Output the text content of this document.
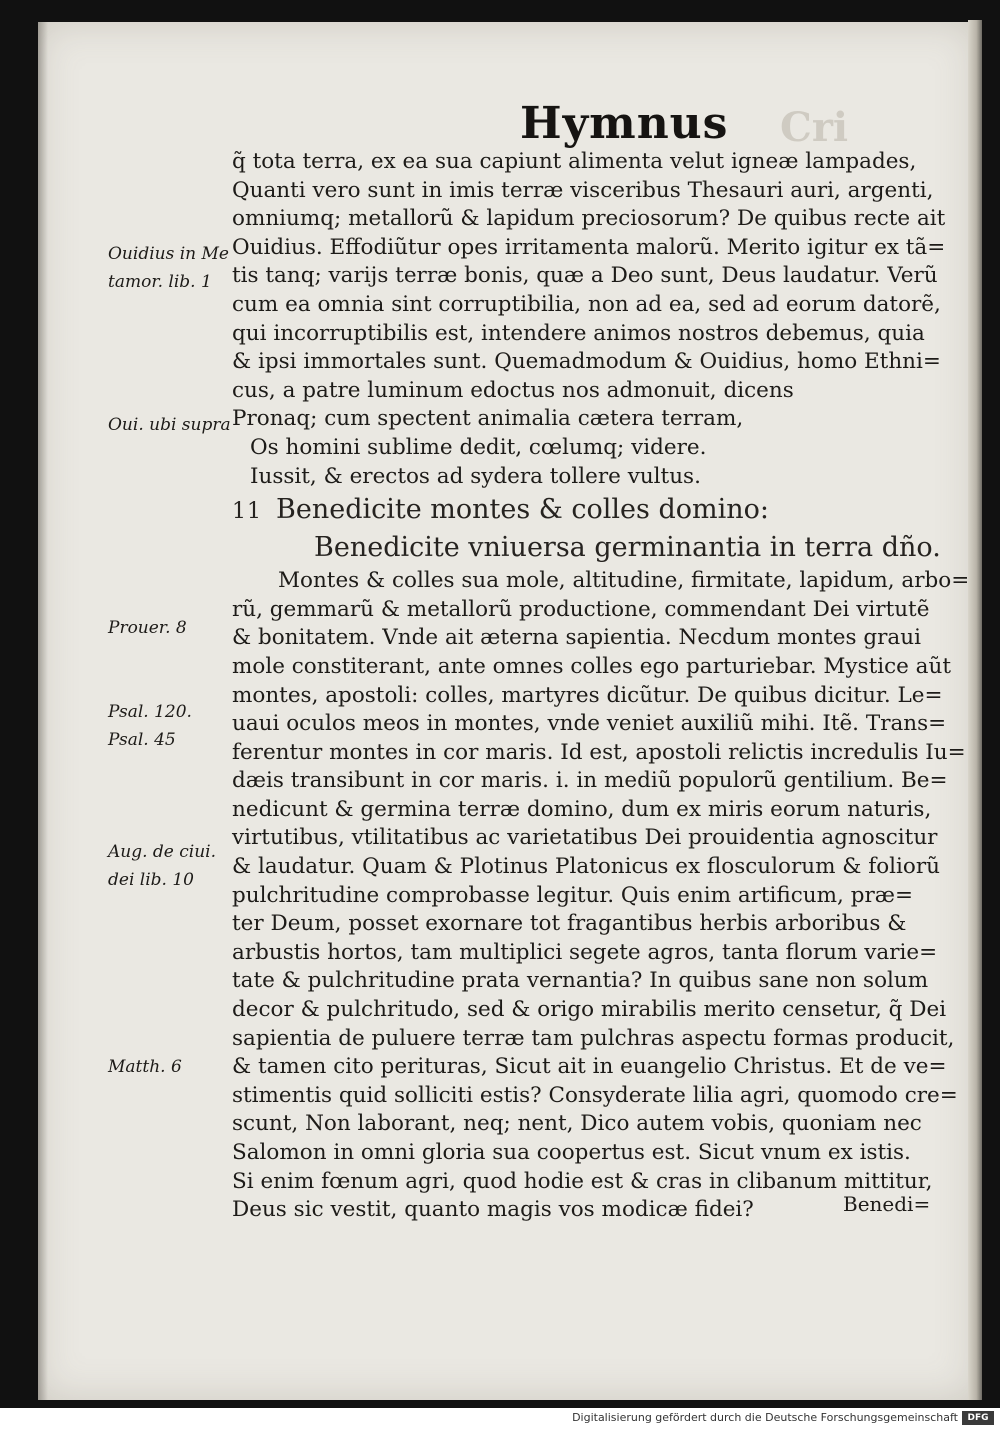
Cri
Hymnus
Ouidius in Me
tamor. lib. 1
Oui. ubi supra
Prouer. 8
Psal. 120.
Psal. 45
Aug. de ciui.
dei lib. 10
Matth. 6
q̃ tota terra, ex ea sua capiunt alimenta velut igneæ lampades,
Quanti vero sunt in imis terræ visceribus Thesauri auri, argenti,
omniumq; metallorũ & lapidum preciosorum? De quibus recte ait
Ouidius. Effodiũtur opes irritamenta malorũ. Merito igitur ex tã=
tis tanq; varijs terræ bonis, quæ a Deo sunt, Deus laudatur. Verũ
cum ea omnia sint corruptibilia, non ad ea, sed ad eorum datorẽ,
qui incorruptibilis est, intendere animos nostros debemus, quia
& ipsi immortales sunt. Quemadmodum & Ouidius, homo Ethni=
cus, a patre luminum edoctus nos admonuit, dicens
Pronaq; cum spectent animalia cætera terram,
Os homini sublime dedit, cœlumq; videre.
Iussit, & erectos ad sydera tollere vultus.
11 Benedicite montes & colles domino:
Benedicite vniuersa germinantia in terra dño.
Montes & colles sua mole, altitudine, firmitate, lapidum, arbo=
rũ, gemmarũ & metallorũ productione, commendant Dei virtutẽ
& bonitatem. Vnde ait æterna sapientia. Necdum montes graui
mole constiterant, ante omnes colles ego parturiebar. Mystice aũt
montes, apostoli: colles, martyres dicũtur. De quibus dicitur. Le=
uaui oculos meos in montes, vnde veniet auxiliũ mihi. Itẽ. Trans=
ferentur montes in cor maris. Id est, apostoli relictis incredulis Iu=
dæis transibunt in cor maris. i. in mediũ populorũ gentilium. Be=
nedicunt & germina terræ domino, dum ex miris eorum naturis,
virtutibus, vtilitatibus ac varietatibus Dei prouidentia agnoscitur
& laudatur. Quam & Plotinus Platonicus ex flosculorum & foliorũ
pulchritudine comprobasse legitur. Quis enim artificum, præ=
ter Deum, posset exornare tot fragantibus herbis arboribus &
arbustis hortos, tam multiplici segete agros, tanta florum varie=
tate & pulchritudine prata vernantia? In quibus sane non solum
decor & pulchritudo, sed & origo mirabilis merito censetur, q̃ Dei
sapientia de puluere terræ tam pulchras aspectu formas producit,
& tamen cito perituras, Sicut ait in euangelio Christus. Et de ve=
stimentis quid solliciti estis? Consyderate lilia agri, quomodo cre=
scunt, Non laborant, neq; nent, Dico autem vobis, quoniam nec
Salomon in omni gloria sua coopertus est. Sicut vnum ex istis.
Si enim fœnum agri, quod hodie est & cras in clibanum mittitur,
Deus sic vestit, quanto magis vos modicæ fidei?	Benedi=
Digitalisierung gefördert durch die Deutsche Forschungsgemeinschaft	DFG
